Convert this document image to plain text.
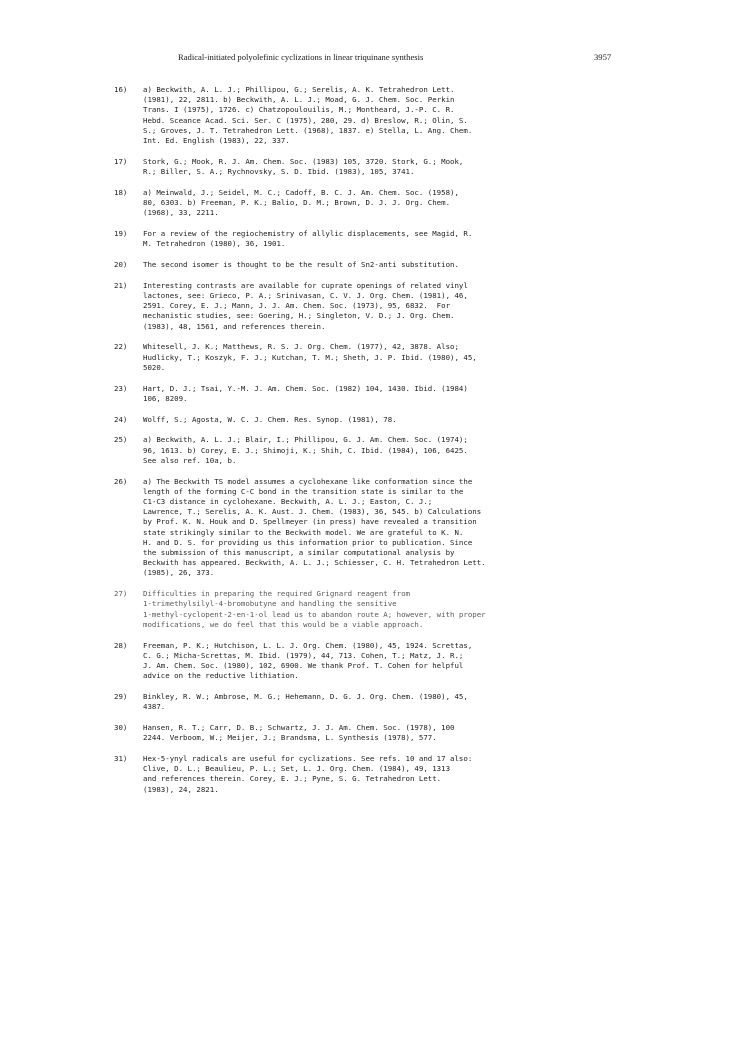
Radical-initiated polyolefinic cyclizations in linear triquinane synthesis	3957
16) a) Beckwith, A. L. J.; Phillipou, G.; Serelis, A. K. Tetrahedron Lett.
(1981), 22, 2811. b) Beckwith, A. L. J.; Moad, G. J. Chem. Soc. Perkin
Trans. I (1975), 1726. c) Chatzopoulouilis, M.; Montheard, J.-P. C. R.
Hebd. Sceance Acad. Sci. Ser. C (1975), 280, 29. d) Breslow, R.; Olin, S.
S.; Groves, J. T. Tetrahedron Lett. (1968), 1837. e) Stella, L. Ang. Chem.
Int. Ed. English (1983), 22, 337.
17) Stork, G.; Mook, R. J. Am. Chem. Soc. (1983) 105, 3720. Stork, G.; Mook,
R.; Biller, S. A.; Rychnovsky, S. D. Ibid. (1983), 105, 3741.
18) a) Meinwald, J.; Seidel, M. C.; Cadoff, B. C. J. Am. Chem. Soc. (1958),
80, 6303. b) Freeman, P. K.; Balio, D. M.; Brown, D. J. J. Org. Chem.
(1968), 33, 2211.
19) For a review of the regiochemistry of allylic displacements, see Magid, R.
M. Tetrahedron (1980), 36, 1901.
20) The second isomer is thought to be the result of Sn2-anti substitution.
21) Interesting contrasts are available for cuprate openings of related vinyl
lactones, see: Grieco, P. A.; Srinivasan, C. V. J. Org. Chem. (1981), 46,
2591. Corey, E. J.; Mann, J. J. Am. Chem. Soc. (1973), 95, 6832.  For
mechanistic studies, see: Goering, H.; Singleton, V. D.; J. Org. Chem.
(1983), 48, 1561, and references therein.
22) Whitesell, J. K.; Matthews, R. S. J. Org. Chem. (1977), 42, 3878. Also;
Hudlicky, T.; Koszyk, F. J.; Kutchan, T. M.; Sheth, J. P. Ibid. (1980), 45,
5020.
23) Hart, D. J.; Tsai, Y.-M. J. Am. Chem. Soc. (1982) 104, 1430. Ibid. (1984)
106, 8209.
24) Wolff, S.; Agosta, W. C. J. Chem. Res. Synop. (1981), 78.
25) a) Beckwith, A. L. J.; Blair, I.; Phillipou, G. J. Am. Chem. Soc. (1974);
96, 1613. b) Corey, E. J.; Shimoji, K.; Shih, C. Ibid. (1984), 106, 6425.
See also ref. 10a, b.
26) a) The Beckwith TS model assumes a cyclohexane like conformation since the
length of the forming C-C bond in the transition state is similar to the
C1-C3 distance in cyclohexane. Beckwith, A. L. J.; Easton, C. J.;
Lawrence, T.; Serelis, A. K. Aust. J. Chem. (1983), 36, 545. b) Calculations
by Prof. K. N. Houk and D. Spellmeyer (in press) have revealed a transition
state strikingly similar to the Beckwith model. We are grateful to K. N.
H. and D. S. for providing us this information prior to publication. Since
the submission of this manuscript, a similar computational analysis by
Beckwith has appeared. Beckwith, A. L. J.; Schiesser, C. H. Tetrahedron Lett.
(1985), 26, 373.
27) Difficulties in preparing the required Grignard reagent from
1-trimethylsilyl-4-bromobutyne and handling the sensitive
1-methyl-cyclopent-2-en-1-ol lead us to abandon route A; however, with proper
modifications, we do feel that this would be a viable approach.
28) Freeman, P. K.; Hutchison, L. L. J. Org. Chem. (1980), 45, 1924. Screttas,
C. G.; Micha-Screttas, M. Ibid. (1979), 44, 713. Cohen, T.; Matz, J. R.;
J. Am. Chem. Soc. (1980), 102, 6900. We thank Prof. T. Cohen for helpful
advice on the reductive lithiation.
29) Binkley, R. W.; Ambrose, M. G.; Hehemann, D. G. J. Org. Chem. (1980), 45,
4387.
30) Hansen, R. T.; Carr, D. B.; Schwartz, J. J. Am. Chem. Soc. (1978), 100
2244. Verboom, W.; Meijer, J.; Brandsma, L. Synthesis (1978), 577.
31) Hex-5-ynyl radicals are useful for cyclizations. See refs. 10 and 17 also:
Clive, D. L.; Beaulieu, P. L.; Set, L. J. Org. Chem. (1984), 49, 1313
and references therein. Corey, E. J.; Pyne, S. G. Tetrahedron Lett.
(1983), 24, 2821.
